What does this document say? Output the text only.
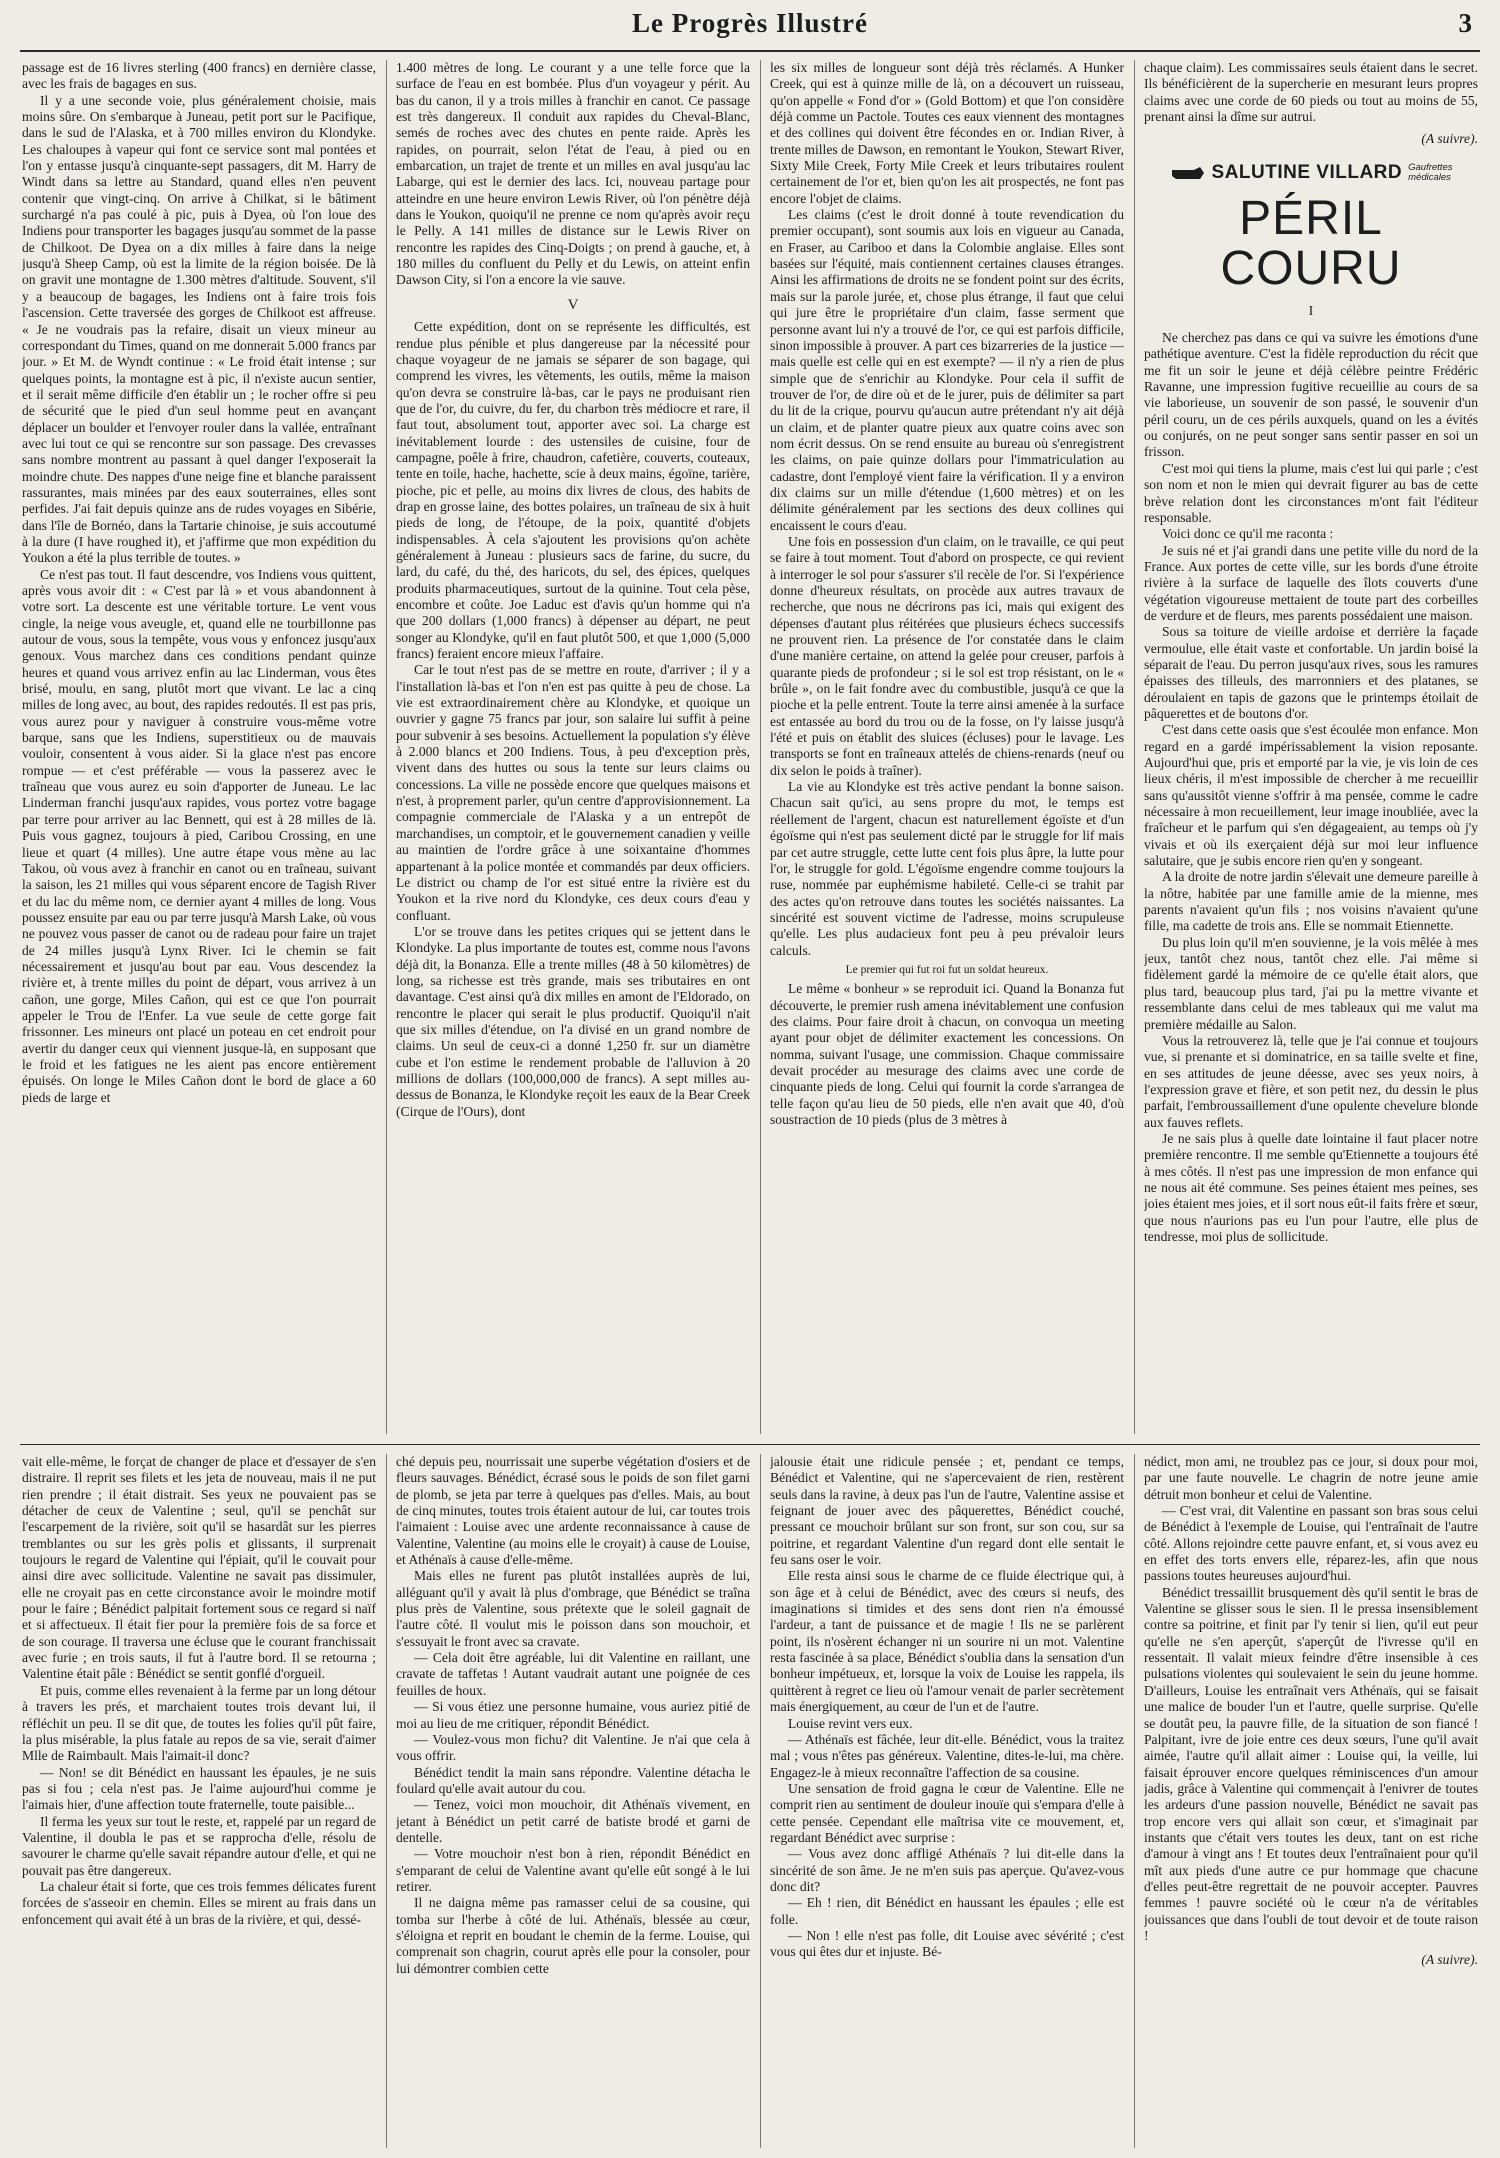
Le Progrès Illustré	3

passage est de 16 livres sterling (400 francs) en dernière classe, avec les frais de bagages en sus.

Il y a une seconde voie, plus généralement choisie, mais moins sûre. On s'embarque à Juneau, petit port sur le Pacifique, dans le sud de l'Alaska, et à 700 milles environ du Klondyke. Les chaloupes à vapeur qui font ce service sont mal pontées et l'on y entasse jusqu'à cinquante-sept passagers, dit M. Harry de Windt dans sa lettre au Standard, quand elles n'en peuvent contenir que vingt-cinq. On arrive à Chilkat, si le bâtiment surchargé n'a pas coulé à pic, puis à Dyea, où l'on loue des Indiens pour transporter les bagages jusqu'au sommet de la passe de Chilkoot. De Dyea on a dix milles à faire dans la neige jusqu'à Sheep Camp, où est la limite de la région boisée. De là on gravit une montagne de 1.300 mètres d'altitude. Souvent, s'il y a beaucoup de bagages, les Indiens ont à faire trois fois l'ascension. Cette traversée des gorges de Chilkoot est affreuse. « Je ne voudrais pas la refaire, disait un vieux mineur au correspondant du Times, quand on me donnerait 5.000 francs par jour. » Et M. de Wyndt continue : « Le froid était intense ; sur quelques points, la montagne est à pic, il n'existe aucun sentier, et il serait même difficile d'en établir un ; le rocher offre si peu de sécurité que le pied d'un seul homme peut en avançant déplacer un boulder et l'envoyer rouler dans la vallée, entraînant avec lui tout ce qui se rencontre sur son passage. Des crevasses sans nombre montrent au passant à quel danger l'exposerait la moindre chute. Des nappes d'une neige fine et blanche paraissent rassurantes, mais minées par des eaux souterraines, elles sont perfides. J'ai fait depuis quinze ans de rudes voyages en Sibérie, dans l'île de Bornéo, dans la Tartarie chinoise, je suis accoutumé à la dure (I have roughed it), et j'affirme que mon expédition du Youkon a été la plus terrible de toutes. »

Ce n'est pas tout. Il faut descendre, vos Indiens vous quittent, après vous avoir dit : « C'est par là » et vous abandonnent à votre sort. La descente est une véritable torture. Le vent vous cingle, la neige vous aveugle, et, quand elle ne tourbillonne pas autour de vous, sous la tempête, vous vous y enfoncez jusqu'aux genoux. Vous marchez dans ces conditions pendant quinze heures et quand vous arrivez enfin au lac Linderman, vous êtes brisé, moulu, en sang, plutôt mort que vivant. Le lac a cinq milles de long avec, au bout, des rapides redoutés. Il est pas pris, vous aurez pour y naviguer à construire vous-même votre barque, sans que les Indiens, superstitieux ou de mauvais vouloir, consentent à vous aider. Si la glace n'est pas encore rompue — et c'est préférable — vous la passerez avec le traîneau que vous aurez eu soin d'apporter de Juneau. Le lac Linderman franchi jusqu'aux rapides, vous portez votre bagage par terre pour arriver au lac Bennett, qui est à 28 milles de là. Puis vous gagnez, toujours à pied, Caribou Crossing, en une lieue et quart (4 milles). Une autre étape vous mène au lac Takou, où vous avez à franchir en canot ou en traîneau, suivant la saison, les 21 milles qui vous séparent encore de Tagish River et du lac du même nom, ce dernier ayant 4 milles de long. Vous poussez ensuite par eau ou par terre jusqu'à Marsh Lake, où vous ne pouvez vous passer de canot ou de radeau pour faire un trajet de 24 milles jusqu'à Lynx River. Ici le chemin se fait nécessairement et jusqu'au bout par eau. Vous descendez la rivière et, à trente milles du point de départ, vous arrivez à un cañon, une gorge, Miles Cañon, qui est ce que l'on pourrait appeler le Trou de l'Enfer. La vue seule de cette gorge fait frissonner. Les mineurs ont placé un poteau en cet endroit pour avertir du danger ceux qui viennent jusque-là, en supposant que le froid et les fatigues ne les aient pas encore entièrement épuisés. On longe le Miles Cañon dont le bord de glace a 60 pieds de large et

1.400 mètres de long. Le courant y a une telle force que la surface de l'eau en est bombée. Plus d'un voyageur y périt. Au bas du canon, il y a trois milles à franchir en canot. Ce passage est très dangereux. Il conduit aux rapides du Cheval-Blanc, semés de roches avec des chutes en pente raide. Après les rapides, on pourrait, selon l'état de l'eau, à pied ou en embarcation, un trajet de trente et un milles en aval jusqu'au lac Labarge, qui est le dernier des lacs. Ici, nouveau partage pour atteindre en une heure environ Lewis River, où l'on pénètre déjà dans le Youkon, quoiqu'il ne prenne ce nom qu'après avoir reçu le Pelly. A 141 milles de distance sur le Lewis River on rencontre les rapides des Cinq-Doigts ; on prend à gauche, et, à 180 milles du confluent du Pelly et du Lewis, on atteint enfin Dawson City, si l'on a encore la vie sauve.

V

Cette expédition, dont on se représente les difficultés, est rendue plus pénible et plus dangereuse par la nécessité pour chaque voyageur de ne jamais se séparer de son bagage, qui comprend les vivres, les vêtements, les outils, même la maison qu'on devra se construire là-bas, car le pays ne produisant rien que de l'or, du cuivre, du fer, du charbon très médiocre et rare, il faut tout, absolument tout, apporter avec soi. La charge est inévitablement lourde : des ustensiles de cuisine, four de campagne, poêle à frire, chaudron, cafetière, couverts, couteaux, tente en toile, hache, hachette, scie à deux mains, égoïne, tarière, pioche, pic et pelle, au moins dix livres de clous, des habits de drap en grosse laine, des bottes polaires, un traîneau de six à huit pieds de long, de l'étoupe, de la poix, quantité d'objets indispensables. À cela s'ajoutent les provisions qu'on achète généralement à Juneau : plusieurs sacs de farine, du sucre, du lard, du café, du thé, des haricots, du sel, des épices, quelques produits pharmaceutiques, surtout de la quinine. Tout cela pèse, encombre et coûte. Joe Laduc est d'avis qu'un homme qui n'a que 200 dollars (1,000 francs) à dépenser au départ, ne peut songer au Klondyke, qu'il en faut plutôt 500, et que 1,000 (5,000 francs) feraient encore mieux l'affaire.

Car le tout n'est pas de se mettre en route, d'arriver ; il y a l'installation là-bas et l'on n'en est pas quitte à peu de chose. La vie est extraordinairement chère au Klondyke, et quoique un ouvrier y gagne 75 francs par jour, son salaire lui suffit à peine pour subvenir à ses besoins. Actuellement la population s'y élève à 2.000 blancs et 200 Indiens. Tous, à peu d'exception près, vivent dans des huttes ou sous la tente sur leurs claims ou concessions. La ville ne possède encore que quelques maisons et n'est, à proprement parler, qu'un centre d'approvisionnement. La compagnie commerciale de l'Alaska y a un entrepôt de marchandises, un comptoir, et le gouvernement canadien y veille au maintien de l'ordre grâce à une soixantaine d'hommes appartenant à la police montée et commandés par deux officiers. Le district ou champ de l'or est situé entre la rivière est du Youkon et la rive nord du Klondyke, ces deux cours d'eau y confluant.

L'or se trouve dans les petites criques qui se jettent dans le Klondyke. La plus importante de toutes est, comme nous l'avons déjà dit, la Bonanza. Elle a trente milles (48 à 50 kilomètres) de long, sa richesse est très grande, mais ses tributaires en ont davantage. C'est ainsi qu'à dix milles en amont de l'Eldorado, on rencontre le placer qui serait le plus productif. Quoiqu'il n'ait que six milles d'étendue, on l'a divisé en un grand nombre de claims. Un seul de ceux-ci a donné 1,250 fr. sur un diamètre cube et l'on estime le rendement probable de l'alluvion à 20 millions de dollars (100,000,000 de francs). A sept milles au-dessus de Bonanza, le Klondyke reçoit les eaux de la Bear Creek (Cirque de l'Ours), dont

les six milles de longueur sont déjà très réclamés. A Hunker Creek, qui est à quinze mille de là, on a découvert un ruisseau, qu'on appelle « Fond d'or » (Gold Bottom) et que l'on considère déjà comme un Pactole. Toutes ces eaux viennent des montagnes et des collines qui doivent être fécondes en or. Indian River, à trente milles de Dawson, en remontant le Youkon, Stewart River, Sixty Mile Creek, Forty Mile Creek et leurs tributaires roulent certainement de l'or et, bien qu'on les ait prospectés, ne font pas encore l'objet de claims.

Les claims (c'est le droit donné à toute revendication du premier occupant), sont soumis aux lois en vigueur au Canada, en Fraser, au Cariboo et dans la Colombie anglaise. Elles sont basées sur l'équité, mais contiennent certaines clauses étranges. Ainsi les affirmations de droits ne se fondent point sur des écrits, mais sur la parole jurée, et, chose plus étrange, il faut que celui qui jure être le propriétaire d'un claim, fasse serment que personne avant lui n'y a trouvé de l'or, ce qui est parfois difficile, sinon impossible à prouver. A part ces bizarreries de la justice — mais quelle est celle qui en est exempte? — il n'y a rien de plus simple que de s'enrichir au Klondyke. Pour cela il suffit de trouver de l'or, de dire où et de le jurer, puis de délimiter sa part du lit de la crique, pourvu qu'aucun autre prétendant n'y ait déjà un claim, et de planter quatre pieux aux quatre coins avec son nom écrit dessus. On se rend ensuite au bureau où s'enregistrent les claims, on paie quinze dollars pour l'immatriculation au cadastre, dont l'employé vient faire la vérification. Il y a environ dix claims sur un mille d'étendue (1,600 mètres) et on les délimite généralement par les sections des deux collines qui encaissent le cours d'eau.

Une fois en possession d'un claim, on le travaille, ce qui peut se faire à tout moment. Tout d'abord on prospecte, ce qui revient à interroger le sol pour s'assurer s'il recèle de l'or. Si l'expérience donne d'heureux résultats, on procède aux autres travaux de recherche, que nous ne décrirons pas ici, mais qui exigent des dépenses d'autant plus réitérées que plusieurs échecs successifs ne prouvent rien. La présence de l'or constatée dans le claim d'une manière certaine, on attend la gelée pour creuser, parfois à quarante pieds de profondeur ; si le sol est trop résistant, on le « brûle », on le fait fondre avec du combustible, jusqu'à ce que la pioche et la pelle entrent. Toute la terre ainsi amenée à la surface est entassée au bord du trou ou de la fosse, on l'y laisse jusqu'à l'été et puis on établit des sluices (écluses) pour le lavage. Les transports se font en traîneaux attelés de chiens-renards (neuf ou dix selon le poids à traîner).

La vie au Klondyke est très active pendant la bonne saison. Chacun sait qu'ici, au sens propre du mot, le temps est réellement de l'argent, chacun est naturellement égoïste et d'un égoïsme qui n'est pas seulement dicté par le struggle for lif mais par cet autre struggle, cette lutte cent fois plus âpre, la lutte pour l'or, le struggle for gold. L'égoïsme engendre comme toujours la ruse, nommée par euphémisme habileté. Celle-ci se trahit par des actes qu'on retrouve dans toutes les sociétés naissantes. La sincérité est souvent victime de l'adresse, moins scrupuleuse qu'elle. Les plus audacieux font peu à peu prévaloir leurs calculs.

Le premier qui fut roi fut un soldat heureux.

Le même « bonheur » se reproduit ici. Quand la Bonanza fut découverte, le premier rush amena inévitablement une confusion des claims. Pour faire droit à chacun, on convoqua un meeting ayant pour objet de délimiter exactement les concessions. On nomma, suivant l'usage, une commission. Chaque commissaire devait procéder au mesurage des claims avec une corde de cinquante pieds de long. Celui qui fournit la corde s'arrangea de telle façon qu'au lieu de 50 pieds, elle n'en avait que 40, d'où soustraction de 10 pieds (plus de 3 mètres à

chaque claim). Les commissaires seuls étaient dans le secret. Ils bénéficièrent de la supercherie en mesurant leurs propres claims avec une corde de 60 pieds ou tout au moins de 55, prenant ainsi la dîme sur autrui.

(A suivre).
SALUTINE VILLARD Gaufrettes
médicales
PÉRIL COURU
I

Ne cherchez pas dans ce qui va suivre les émotions d'une pathétique aventure. C'est la fidèle reproduction du récit que me fit un soir le jeune et déjà célèbre peintre Frédéric Ravanne, une impression fugitive recueillie au cours de sa vie laborieuse, un souvenir de son passé, le souvenir d'un péril couru, un de ces périls auxquels, quand on les a évités ou conjurés, on ne peut songer sans sentir passer en soi un frisson.

C'est moi qui tiens la plume, mais c'est lui qui parle ; c'est son nom et non le mien qui devrait figurer au bas de cette brève relation dont les circonstances m'ont fait l'éditeur responsable.

Voici donc ce qu'il me raconta :

Je suis né et j'ai grandi dans une petite ville du nord de la France. Aux portes de cette ville, sur les bords d'une étroite rivière à la surface de laquelle des îlots couverts d'une végétation vigoureuse mettaient de toute part des corbeilles de verdure et de fleurs, mes parents possédaient une maison.

Sous sa toiture de vieille ardoise et derrière la façade vermoulue, elle était vaste et confortable. Un jardin boisé la séparait de l'eau. Du perron jusqu'aux rives, sous les ramures épaisses des tilleuls, des marronniers et des platanes, se déroulaient en tapis de gazons que le printemps étoilait de pâquerettes et de boutons d'or.

C'est dans cette oasis que s'est écoulée mon enfance. Mon regard en a gardé impérissablement la vision reposante. Aujourd'hui que, pris et emporté par la vie, je vis loin de ces lieux chéris, il m'est impossible de chercher à me recueillir sans qu'aussitôt vienne s'offrir à ma pensée, comme le cadre nécessaire à mon recueillement, leur image inoubliée, avec la fraîcheur et le parfum qui s'en dégageaient, au temps où j'y vivais et où ils exerçaient déjà sur moi leur influence salutaire, que je subis encore rien qu'en y songeant.

A la droite de notre jardin s'élevait une demeure pareille à la nôtre, habitée par une famille amie de la mienne, mes parents n'avaient qu'un fils ; nos voisins n'avaient qu'une fille, ma cadette de trois ans. Elle se nommait Etiennette.

Du plus loin qu'il m'en souvienne, je la vois mêlée à mes jeux, tantôt chez nous, tantôt chez elle. J'ai même si fidèlement gardé la mémoire de ce qu'elle était alors, que plus tard, beaucoup plus tard, j'ai pu la mettre vivante et ressemblante dans celui de mes tableaux qui me valut ma première médaille au Salon.

Vous la retrouverez là, telle que je l'ai connue et toujours vue, si prenante et si dominatrice, en sa taille svelte et fine, en ses attitudes de jeune déesse, avec ses yeux noirs, à l'expression grave et fière, et son petit nez, du dessin le plus parfait, l'embroussaillement d'une opulente chevelure blonde aux fauves reflets.

Je ne sais plus à quelle date lointaine il faut placer notre première rencontre. Il me semble qu'Etiennette a toujours été à mes côtés. Il n'est pas une impression de mon enfance qui ne nous ait été commune. Ses peines étaient mes peines, ses joies étaient mes joies, et il sort nous eût-il faits frère et sœur, que nous n'aurions pas eu l'un pour l'autre, elle plus de tendresse, moi plus de sollicitude.

vait elle-même, le forçat de changer de place et d'essayer de s'en distraire. Il reprit ses filets et les jeta de nouveau, mais il ne put rien prendre ; il était distrait. Ses yeux ne pouvaient pas se détacher de ceux de Valentine ; seul, qu'il se penchât sur l'escarpement de la rivière, soit qu'il se hasardât sur les pierres tremblantes ou sur les grès polis et glissants, il surprenait toujours le regard de Valentine qui l'épiait, qu'il le couvait pour ainsi dire avec sollicitude. Valentine ne savait pas dissimuler, elle ne croyait pas en cette circonstance avoir le moindre motif pour le faire ; Bénédict palpitait fortement sous ce regard si naïf et si affectueux. Il était fier pour la première fois de sa force et de son courage. Il traversa une écluse que le courant franchissait avec furie ; en trois sauts, il fut à l'autre bord. Il se retourna ; Valentine était pâle : Bénédict se sentit gonflé d'orgueil.

Et puis, comme elles revenaient à la ferme par un long détour à travers les prés, et marchaient toutes trois devant lui, il réfléchit un peu. Il se dit que, de toutes les folies qu'il pût faire, la plus misérable, la plus fatale au repos de sa vie, serait d'aimer Mlle de Raimbault. Mais l'aimait-il donc?

— Non! se dit Bénédict en haussant les épaules, je ne suis pas si fou ; cela n'est pas. Je l'aime aujourd'hui comme je l'aimais hier, d'une affection toute fraternelle, toute paisible...

Il ferma les yeux sur tout le reste, et, rappelé par un regard de Valentine, il doubla le pas et se rapprocha d'elle, résolu de savourer le charme qu'elle savait répandre autour d'elle, et qui ne pouvait pas être dangereux.

La chaleur était si forte, que ces trois femmes délicates furent forcées de s'asseoir en chemin. Elles se mirent au frais dans un enfoncement qui avait été à un bras de la rivière, et qui, dessé-

ché depuis peu, nourrissait une superbe végétation d'osiers et de fleurs sauvages. Bénédict, écrasé sous le poids de son filet garni de plomb, se jeta par terre à quelques pas d'elles. Mais, au bout de cinq minutes, toutes trois étaient autour de lui, car toutes trois l'aimaient : Louise avec une ardente reconnaissance à cause de Valentine, Valentine (au moins elle le croyait) à cause de Louise, et Athénaïs à cause d'elle-même.

Mais elles ne furent pas plutôt installées auprès de lui, alléguant qu'il y avait là plus d'ombrage, que Bénédict se traîna plus près de Valentine, sous prétexte que le soleil gagnait de l'autre côté. Il voulut mis le poisson dans son mouchoir, et s'essuyait le front avec sa cravate.

— Cela doit être agréable, lui dit Valentine en raillant, une cravate de taffetas ! Autant vaudrait autant une poignée de ces feuilles de houx.

— Si vous étiez une personne humaine, vous auriez pitié de moi au lieu de me critiquer, répondit Bénédict.

— Voulez-vous mon fichu? dit Valentine. Je n'ai que cela à vous offrir.

Bénédict tendit la main sans répondre. Valentine détacha le foulard qu'elle avait autour du cou.

— Tenez, voici mon mouchoir, dit Athénaïs vivement, en jetant à Bénédict un petit carré de batiste brodé et garni de dentelle.

— Votre mouchoir n'est bon à rien, répondit Bénédict en s'emparant de celui de Valentine avant qu'elle eût songé à le lui retirer.

Il ne daigna même pas ramasser celui de sa cousine, qui tomba sur l'herbe à côté de lui. Athénaïs, blessée au cœur, s'éloigna et reprit en boudant le chemin de la ferme. Louise, qui comprenait son chagrin, courut après elle pour la consoler, pour lui démontrer combien cette

jalousie était une ridicule pensée ; et, pendant ce temps, Bénédict et Valentine, qui ne s'apercevaient de rien, restèrent seuls dans la ravine, à deux pas l'un de l'autre, Valentine assise et feignant de jouer avec des pâquerettes, Bénédict couché, pressant ce mouchoir brûlant sur son front, sur son cou, sur sa poitrine, et regardant Valentine d'un regard dont elle sentait le feu sans oser le voir.

Elle resta ainsi sous le charme de ce fluide électrique qui, à son âge et à celui de Bénédict, avec des cœurs si neufs, des imaginations si timides et des sens dont rien n'a émoussé l'ardeur, a tant de puissance et de magie ! Ils ne se parlèrent point, ils n'osèrent échanger ni un sourire ni un mot. Valentine resta fascinée à sa place, Bénédict s'oublia dans la sensation d'un bonheur impétueux, et, lorsque la voix de Louise les rappela, ils quittèrent à regret ce lieu où l'amour venait de parler secrètement mais énergiquement, au cœur de l'un et de l'autre.

Louise revint vers eux.

— Athénaïs est fâchée, leur dit-elle. Bénédict, vous la traitez mal ; vous n'êtes pas généreux. Valentine, dites-le-lui, ma chère. Engagez-le à mieux reconnaître l'affection de sa cousine.

Une sensation de froid gagna le cœur de Valentine. Elle ne comprit rien au sentiment de douleur inouïe qui s'empara d'elle à cette pensée. Cependant elle maîtrisa vite ce mouvement, et, regardant Bénédict avec surprise :

— Vous avez donc affligé Athénaïs ? lui dit-elle dans la sincérité de son âme. Je ne m'en suis pas aperçue. Qu'avez-vous donc dit?

— Eh ! rien, dit Bénédict en haussant les épaules ; elle est folle.

— Non ! elle n'est pas folle, dit Louise avec sévérité ; c'est vous qui êtes dur et injuste. Bé-

nédict, mon ami, ne troublez pas ce jour, si doux pour moi, par une faute nouvelle. Le chagrin de notre jeune amie détruit mon bonheur et celui de Valentine.

— C'est vrai, dit Valentine en passant son bras sous celui de Bénédict à l'exemple de Louise, qui l'entraînait de l'autre côté. Allons rejoindre cette pauvre enfant, et, si vous avez eu en effet des torts envers elle, réparez-les, afin que nous passions toutes heureuses aujourd'hui.

Bénédict tressaillit brusquement dès qu'il sentit le bras de Valentine se glisser sous le sien. Il le pressa insensiblement contre sa poitrine, et finit par l'y tenir si lien, qu'il eut peur qu'elle ne s'en aperçût, s'aperçût de l'ivresse qu'il en ressentait. Il valait mieux feindre d'être insensible à ces pulsations violentes qui soulevaient le sein du jeune homme. D'ailleurs, Louise les entraînait vers Athénaïs, qui se faisait une malice de bouder l'un et l'autre, quelle surprise. Qu'elle se doutât peu, la pauvre fille, de la situation de son fiancé ! Palpitant, ivre de joie entre ces deux sœurs, l'une qu'il avait aimée, l'autre qu'il allait aimer : Louise qui, la veille, lui faisait éprouver encore quelques réminiscences d'un amour jadis, grâce à Valentine qui commençait à l'enivrer de toutes les ardeurs d'une passion nouvelle, Bénédict ne savait pas trop encore vers qui allait son cœur, et s'imaginait par instants que c'était vers toutes les deux, tant on est riche d'amour à vingt ans ! Et toutes deux l'entraînaient pour qu'il mît aux pieds d'une autre ce pur hommage que chacune d'elles peut-être regrettait de ne pouvoir accepter. Pauvres femmes ! pauvre société où le cœur n'a de véritables jouissances que dans l'oubli de tout devoir et de toute raison !

(A suivre).
